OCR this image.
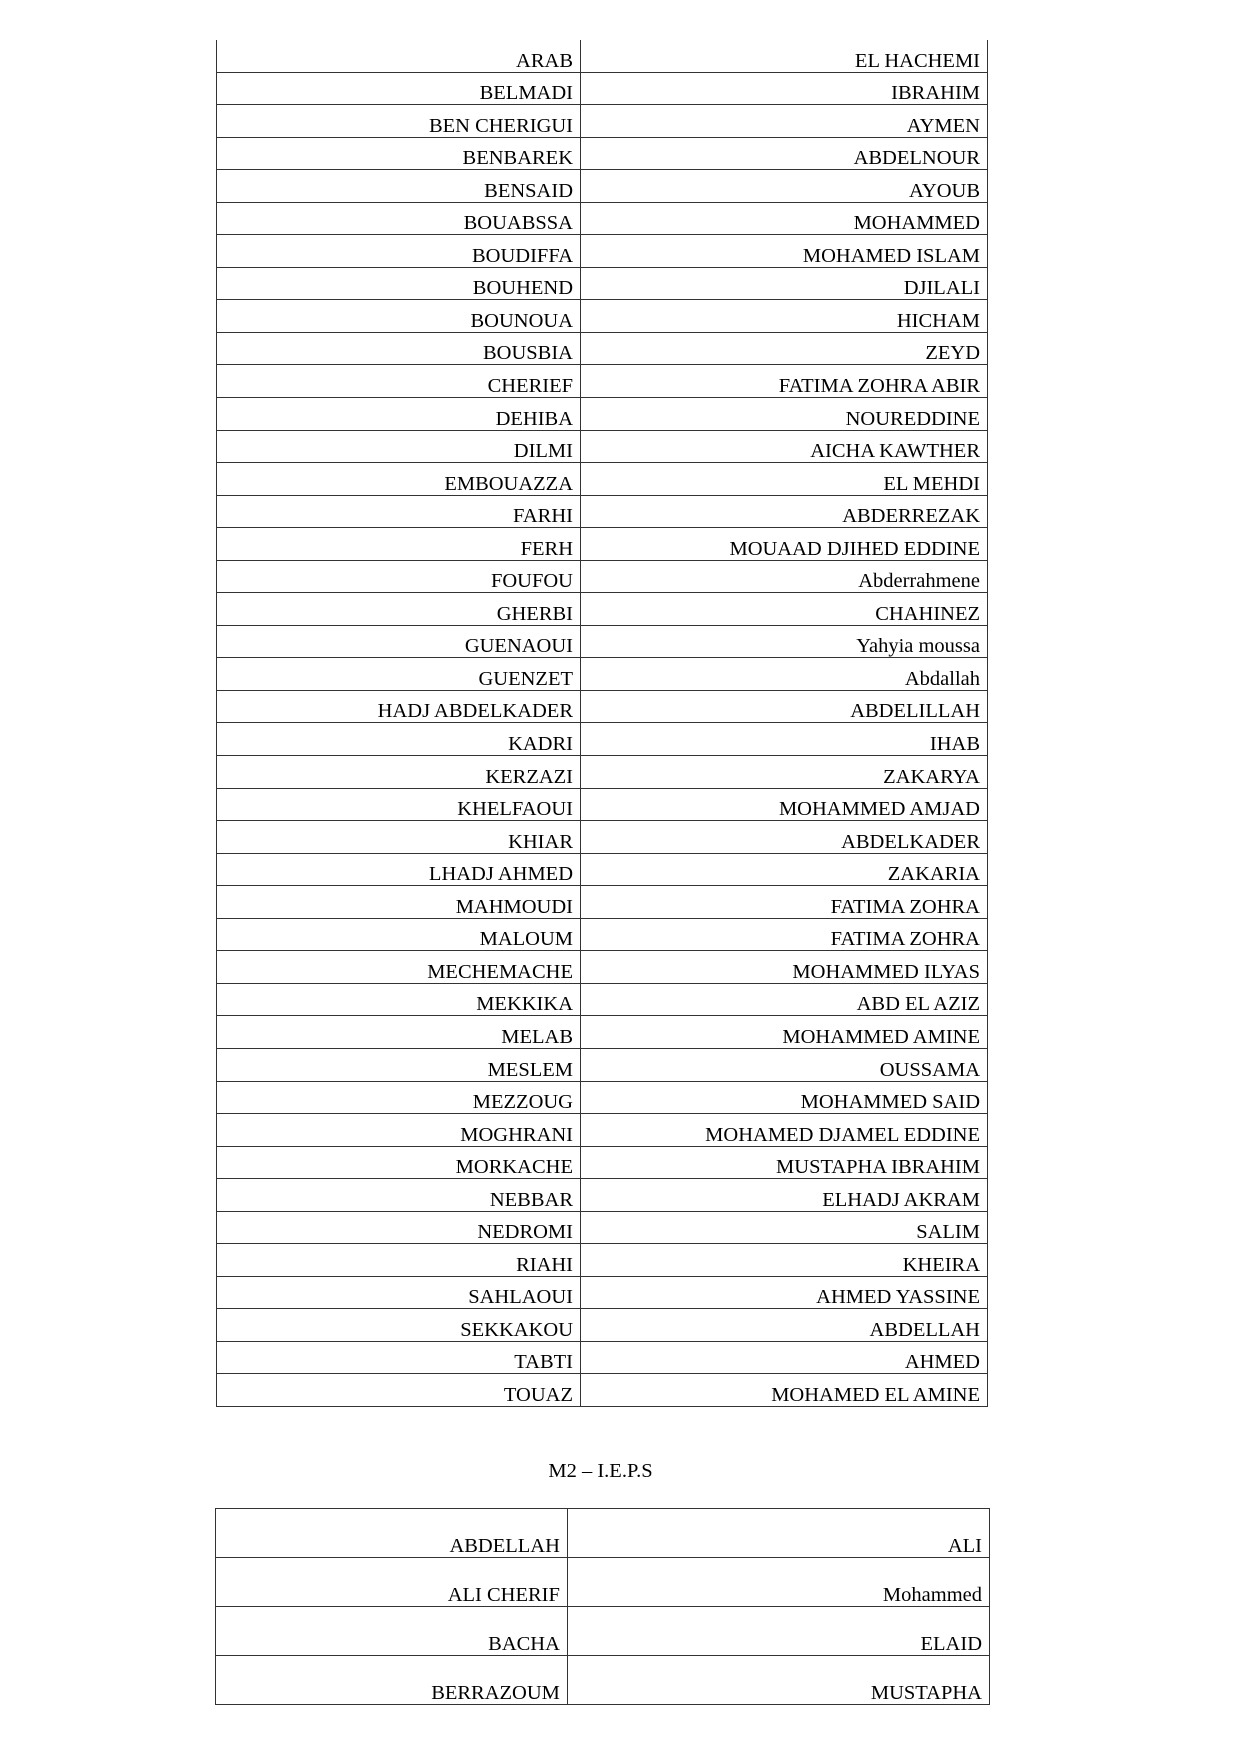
ARAB	EL HACHEMI
BELMADI	IBRAHIM
BEN CHERIGUI	AYMEN
BENBAREK	ABDELNOUR
BENSAID	AYOUB
BOUABSSA	MOHAMMED
BOUDIFFA	MOHAMED ISLAM
BOUHEND	DJILALI
BOUNOUA	HICHAM
BOUSBIA	ZEYD
CHERIEF	FATIMA ZOHRA ABIR
DEHIBA	NOUREDDINE
DILMI	AICHA KAWTHER
EMBOUAZZA	EL MEHDI
FARHI	ABDERREZAK
FERH	MOUAAD DJIHED EDDINE
FOUFOU	Abderrahmene
GHERBI	CHAHINEZ
GUENAOUI	Yahyia moussa
GUENZET	Abdallah
HADJ ABDELKADER	ABDELILLAH
KADRI	IHAB
KERZAZI	ZAKARYA
KHELFAOUI	MOHAMMED AMJAD
KHIAR	ABDELKADER
LHADJ AHMED	ZAKARIA
MAHMOUDI	FATIMA ZOHRA
MALOUM	FATIMA ZOHRA
MECHEMACHE	MOHAMMED ILYAS
MEKKIKA	ABD EL AZIZ
MELAB	MOHAMMED AMINE
MESLEM	OUSSAMA
MEZZOUG	MOHAMMED SAID
MOGHRANI	MOHAMED DJAMEL EDDINE
MORKACHE	MUSTAPHA IBRAHIM
NEBBAR	ELHADJ AKRAM
NEDROMI	SALIM
RIAHI	KHEIRA
SAHLAOUI	AHMED YASSINE
SEKKAKOU	ABDELLAH
TABTI	AHMED
TOUAZ	MOHAMED EL AMINE
M2 – I.E.P.S
ABDELLAH	ALI
ALI CHERIF	Mohammed
BACHA	ELAID
BERRAZOUM	MUSTAPHA
